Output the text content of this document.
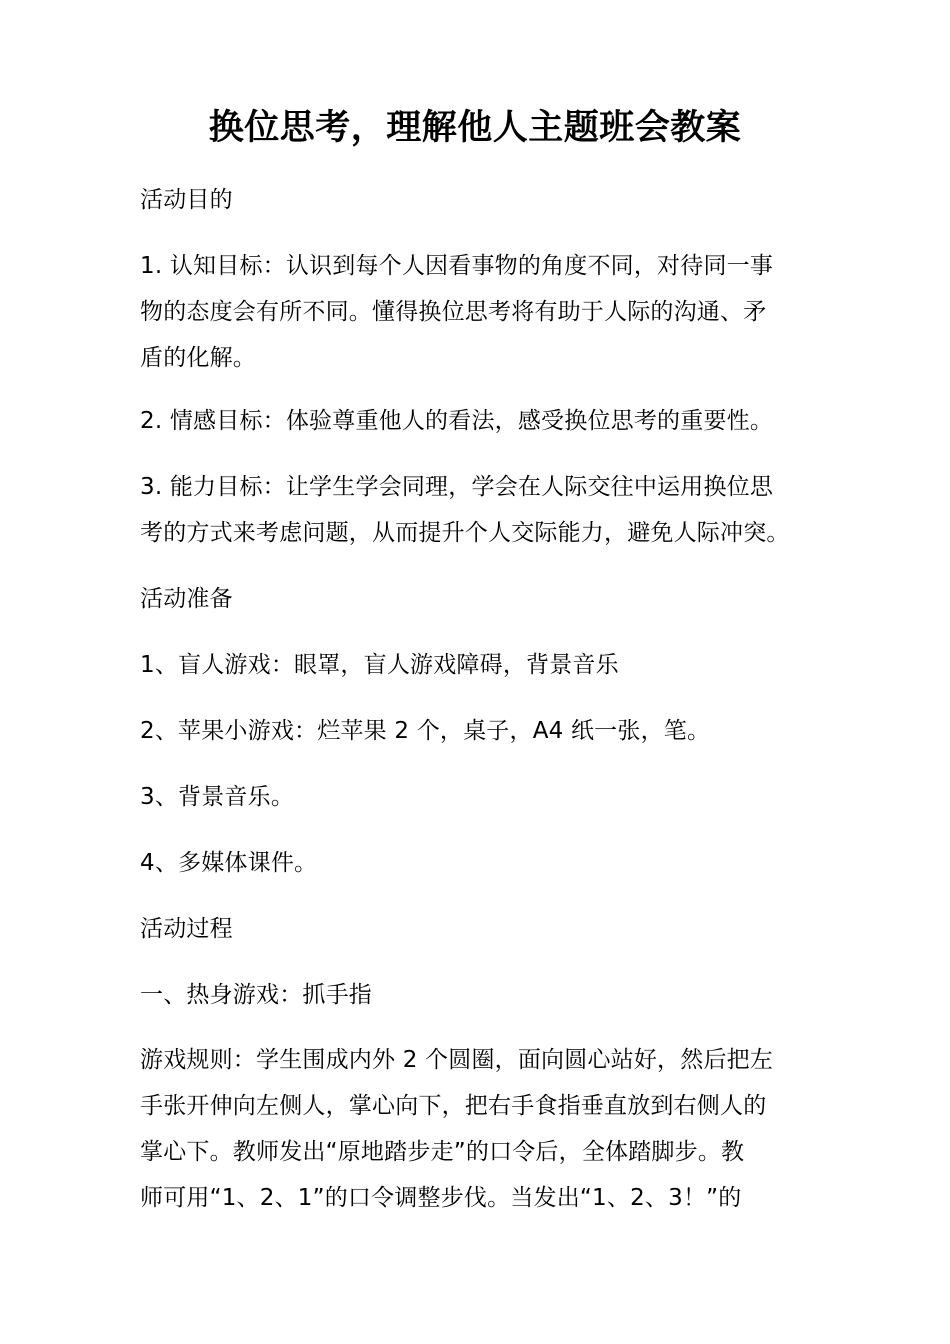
换位思考，理解他人主题班会教案
活动目的
1. 认知目标：认识到每个人因看事物的角度不同，对待同一事
物的态度会有所不同。懂得换位思考将有助于人际的沟通、矛
盾的化解。
2. 情感目标：体验尊重他人的看法，感受换位思考的重要性。
3. 能力目标：让学生学会同理，学会在人际交往中运用换位思
考的方式来考虑问题，从而提升个人交际能力，避免人际冲突。
活动准备
1、盲人游戏：眼罩，盲人游戏障碍，背景音乐
2、苹果小游戏：烂苹果 2 个，桌子，A4 纸一张，笔。
3、背景音乐。
4、多媒体课件。
活动过程
一、热身游戏：抓手指
游戏规则：学生围成内外 2 个圆圈，面向圆心站好，然后把左
手张开伸向左侧人，掌心向下，把右手食指垂直放到右侧人的
掌心下。教师发出“原地踏步走”的口令后，全体踏脚步。教
师可用“1、2、1”的口令调整步伐。当发出“1、2、3！”的
